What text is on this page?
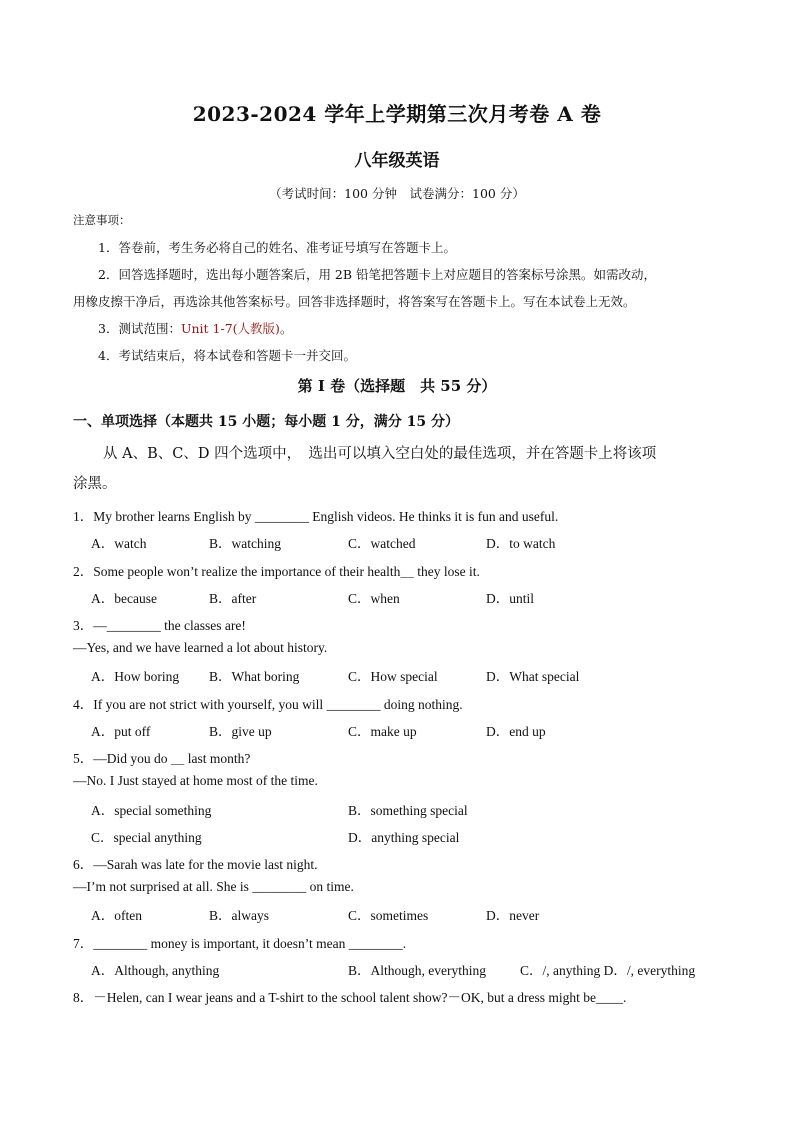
2023-2024 学年上学期第三次月考卷 A 卷
八年级英语
（考试时间：100 分钟　试卷满分：100 分）
注意事项：
1．答卷前，考生务必将自己的姓名、准考证号填写在答题卡上。
2．回答选择题时，选出每小题答案后，用 2B 铅笔把答题卡上对应题目的答案标号涂黑。如需改动，
用橡皮擦干净后，再选涂其他答案标号。回答非选择题时，将答案写在答题卡上。写在本试卷上无效。
3．测试范围：Unit 1-7(人教版)。
4．考试结束后，将本试卷和答题卡一并交回。
第 I 卷（选择题　共 55 分）
一、单项选择（本题共 15 小题；每小题 1 分，满分 15 分）
从 A、B、C、D 四个选项中，　选出可以填入空白处的最佳选项，并在答题卡上将该项
涂黑。
1．My brother learns English by ________ English videos. He thinks it is fun and useful.
A．watch	B．watching	C．watched	D．to watch
2．Some people won’t realize the importance of their health＿ they lose it.
A．because	B．after	C．when	D．until
3．—________ the classes are!
—Yes, and we have learned a lot about history.
A．How boring B．What boring	C．How special	D．What special
4．If you are not strict with yourself, you will ________ doing nothing.
A．put off	B．give up	C．make up	D．end up
5．—Did you do ＿ last month?
—No. I Just stayed at home most of the time.
A．special something	B．something special
C．special anything	D．anything special
6．—Sarah was late for the movie last night.
—I’m not surprised at all. She is ________ on time.
A．often	B．always	C．sometimes	D．never
7．________ money is important, it doesn’t mean ________.
A．Although, anything	B．Although, everything	C．/, anything D．/, everything
8．－Helen, can I wear jeans and a T-shirt to the school talent show?－OK, but a dress might be____.
